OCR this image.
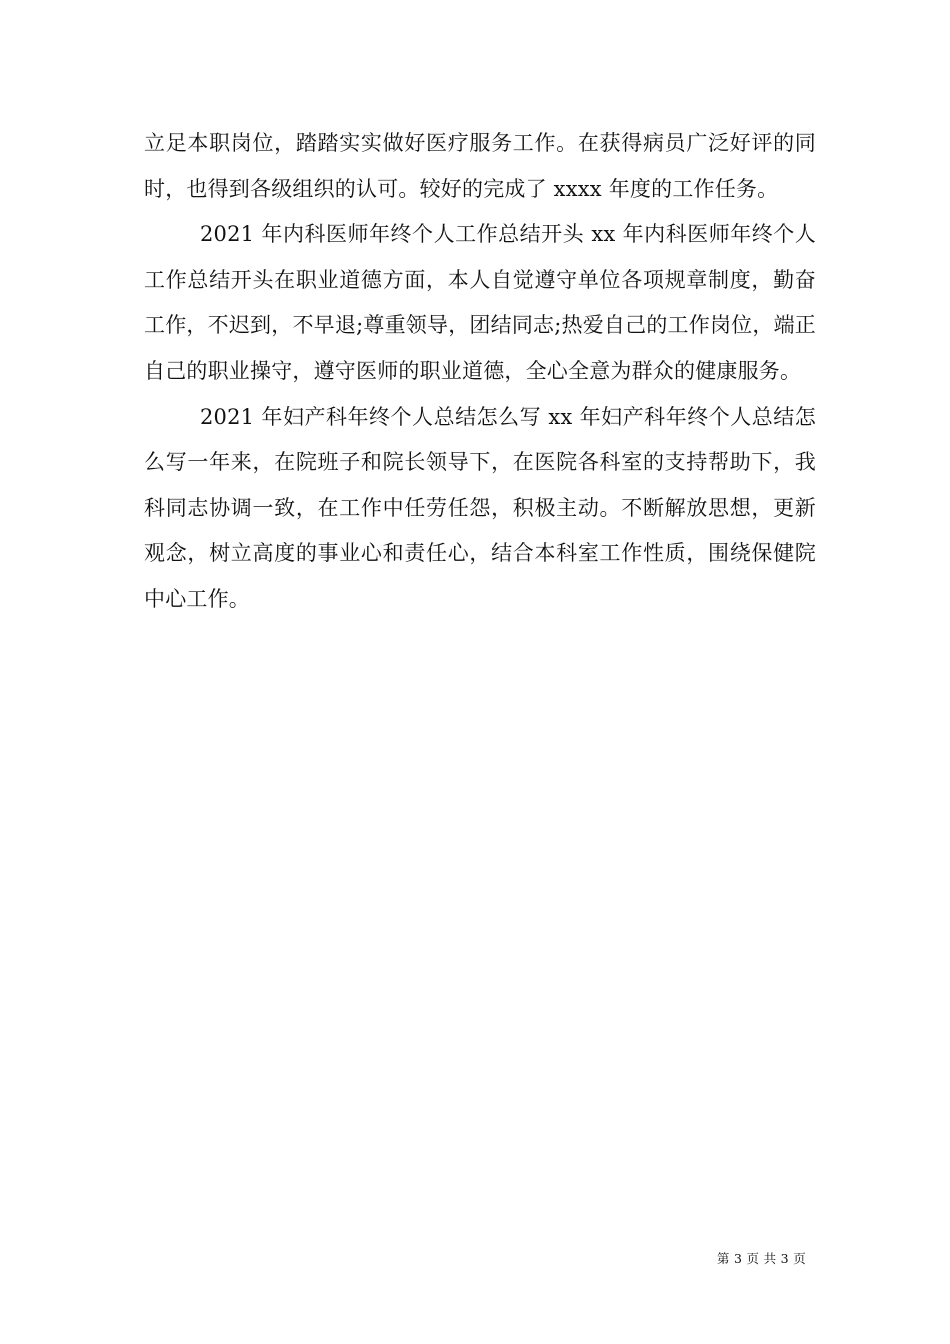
立足本职岗位，踏踏实实做好医疗服务工作。在获得病员广泛好评的同时，也得到各级组织的认可。较好的完成了 xxxx 年度的工作任务。

2021 年内科医师年终个人工作总结开头 xx 年内科医师年终个人工作总结开头在职业道德方面，本人自觉遵守单位各项规章制度，勤奋工作，不迟到，不早退;尊重领导，团结同志;热爱自己的工作岗位，端正自己的职业操守，遵守医师的职业道德，全心全意为群众的健康服务。

2021 年妇产科年终个人总结怎么写 xx 年妇产科年终个人总结怎么写一年来，在院班子和院长领导下，在医院各科室的支持帮助下，我科同志协调一致，在工作中任劳任怨，积极主动。不断解放思想，更新观念，树立高度的事业心和责任心，结合本科室工作性质，围绕保健院中心工作。

第 3 页 共 3 页
